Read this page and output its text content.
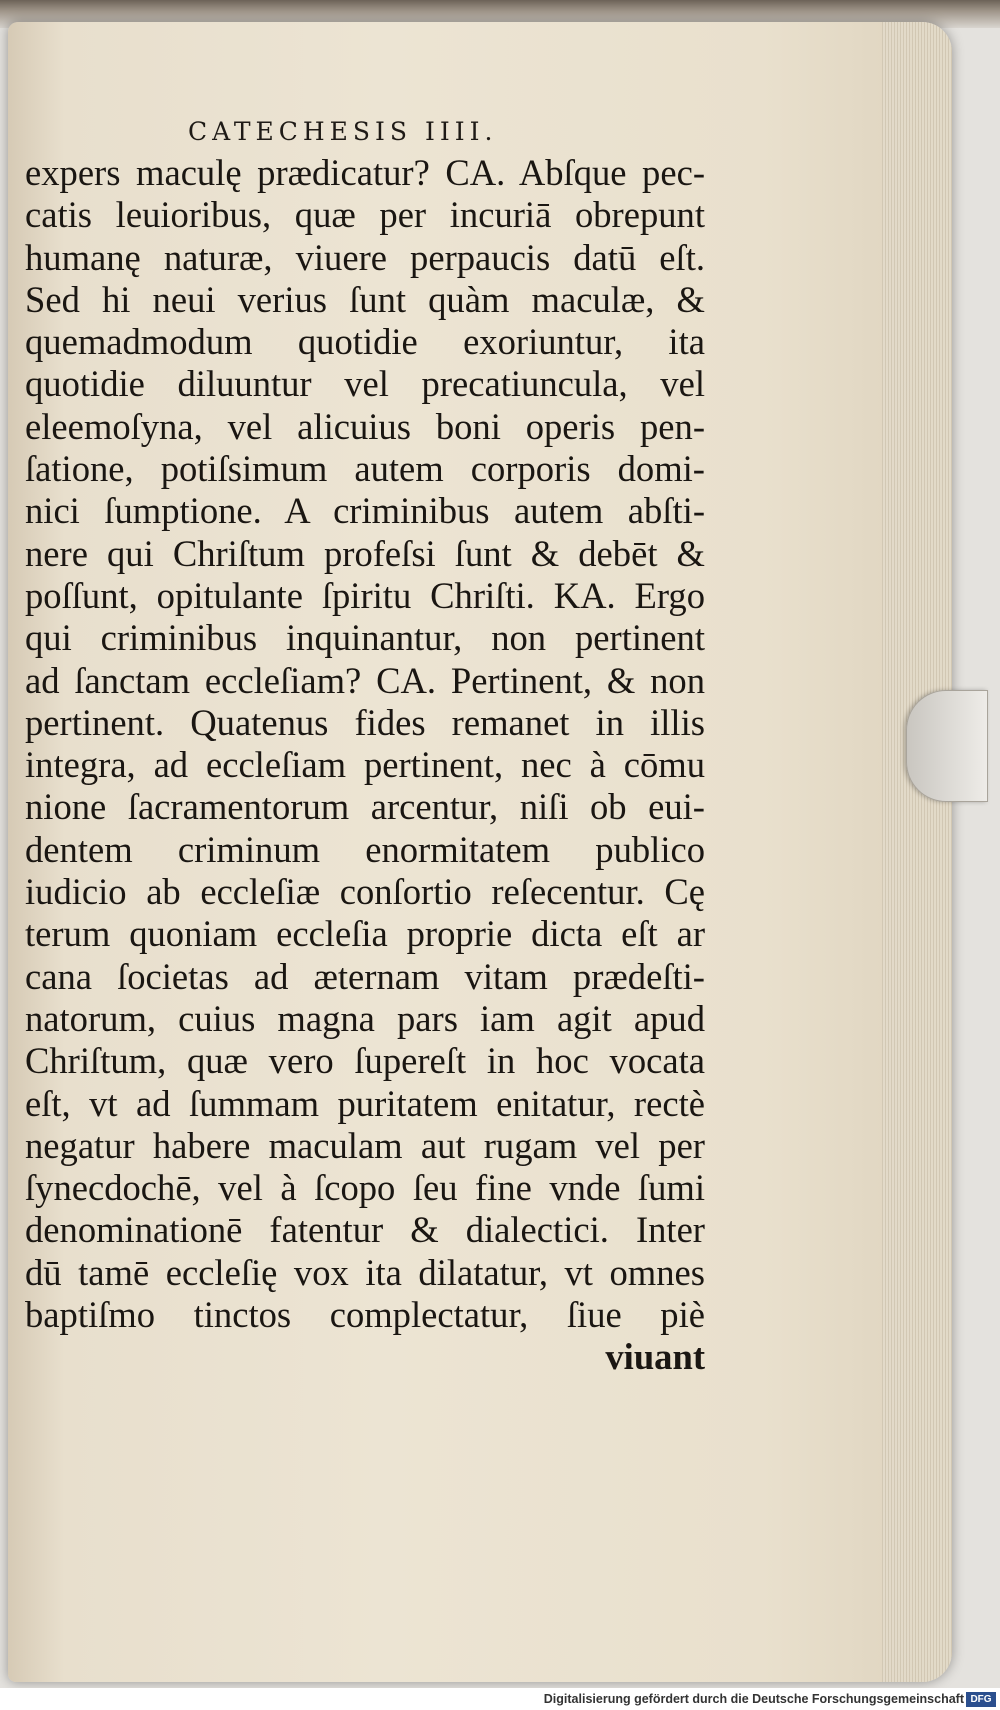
CATECHESIS IIII.
expers maculę prædicatur? CA. Abſque pec-
catis leuioribus, quæ per incuriā obrepunt
humanę naturæ, viuere perpaucis datū eſt.
Sed hi neui verius ſunt quàm maculæ, &
quemadmodum quotidie exoriuntur, ita
quotidie diluuntur vel precatiuncula, vel
eleemoſyna, vel alicuius boni operis pen-
ſatione, potiſsimum autem corporis domi-
nici ſumptione. A criminibus autem abſti-
nere qui Chriſtum profeſsi ſunt & debēt &
poſſunt, opitulante ſpiritu Chriſti. KA. Ergo
qui criminibus inquinantur, non pertinent
ad ſanctam eccleſiam? CA. Pertinent, & non
pertinent. Quatenus fides remanet in illis
integra, ad eccleſiam pertinent, nec à cōmu
nione ſacramentorum arcentur, niſi ob eui-
dentem criminum enormitatem publico
iudicio ab eccleſiæ conſortio reſecentur. Cę
terum quoniam eccleſia proprie dicta eſt ar
cana ſocietas ad æternam vitam prædeſti-
natorum, cuius magna pars iam agit apud
Chriſtum, quæ vero ſupereſt in hoc vocata
eſt, vt ad ſummam puritatem enitatur, rectè
negatur habere maculam aut rugam vel per
ſynecdochē, vel à ſcopo ſeu fine vnde ſumi
denominationē fatentur & dialectici. Inter
dū tamē eccleſię vox ita dilatatur, vt omnes
baptiſmo tinctos complectatur, ſiue piè
viuant
Digitalisierung gefördert durch die Deutsche Forschungsgemeinschaft DFG
